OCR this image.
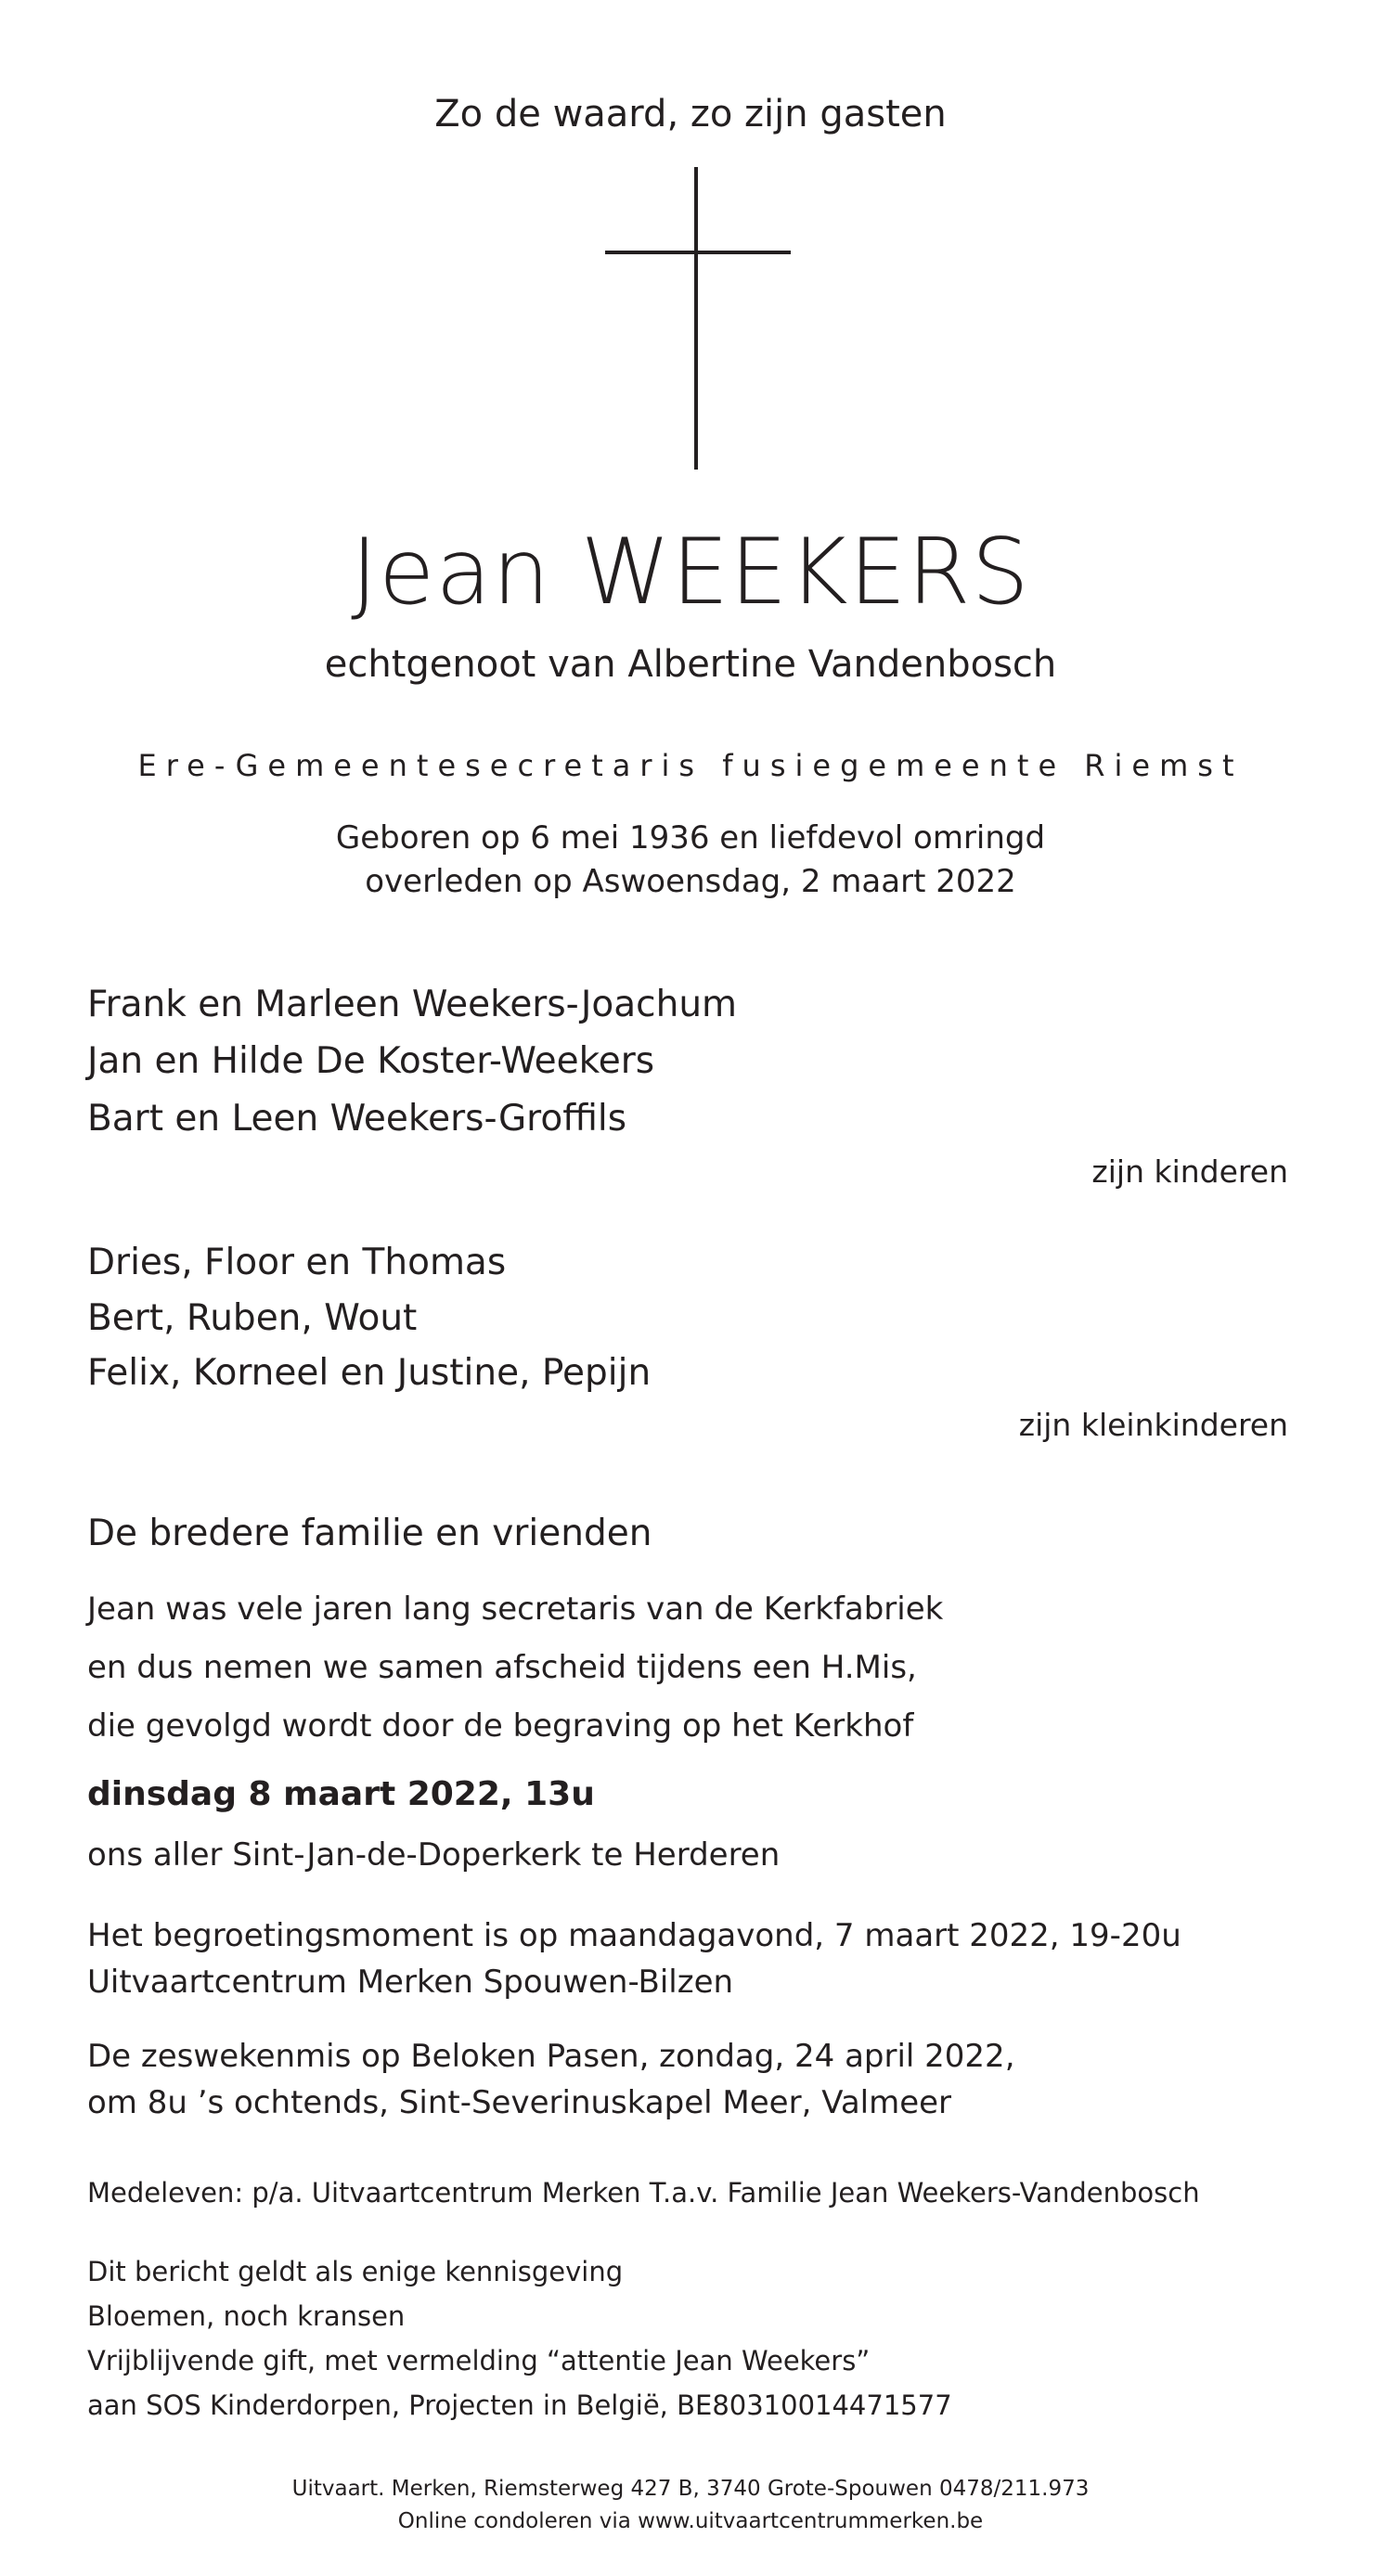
Zo de waard, zo zijn gasten
Jean WEEKERS
echtgenoot van Albertine Vandenbosch
Ere-Gemeentesecretaris fusiegemeente Riemst
Geboren op 6 mei 1936 en liefdevol omringd
overleden op Aswoensdag, 2 maart 2022
Frank en Marleen Weekers-Joachum
Jan en Hilde De Koster-Weekers
Bart en Leen Weekers-Groffils
zijn kinderen
Dries, Floor en Thomas
Bert, Ruben, Wout
Felix, Korneel en Justine, Pepijn
zijn kleinkinderen
De bredere familie en vrienden
Jean was vele jaren lang secretaris van de Kerkfabriek
en dus nemen we samen afscheid tijdens een H.Mis,
die gevolgd wordt door de begraving op het Kerkhof
dinsdag 8 maart 2022, 13u
ons aller Sint-Jan-de-Doperkerk te Herderen
Het begroetingsmoment is op maandagavond, 7 maart 2022, 19-20u
Uitvaartcentrum Merken Spouwen-Bilzen
De zeswekenmis op Beloken Pasen, zondag, 24 april 2022,
om 8u ’s ochtends, Sint-Severinuskapel Meer, Valmeer
Medeleven: p/a. Uitvaartcentrum Merken T.a.v. Familie Jean Weekers-Vandenbosch
Dit bericht geldt als enige kennisgeving
Bloemen, noch kransen
Vrijblijvende gift, met vermelding “attentie Jean Weekers”
aan SOS Kinderdorpen, Projecten in België, BE80310014471577
Uitvaart. Merken, Riemsterweg 427 B, 3740 Grote-Spouwen 0478/211.973
Online condoleren via www.uitvaartcentrummerken.be
